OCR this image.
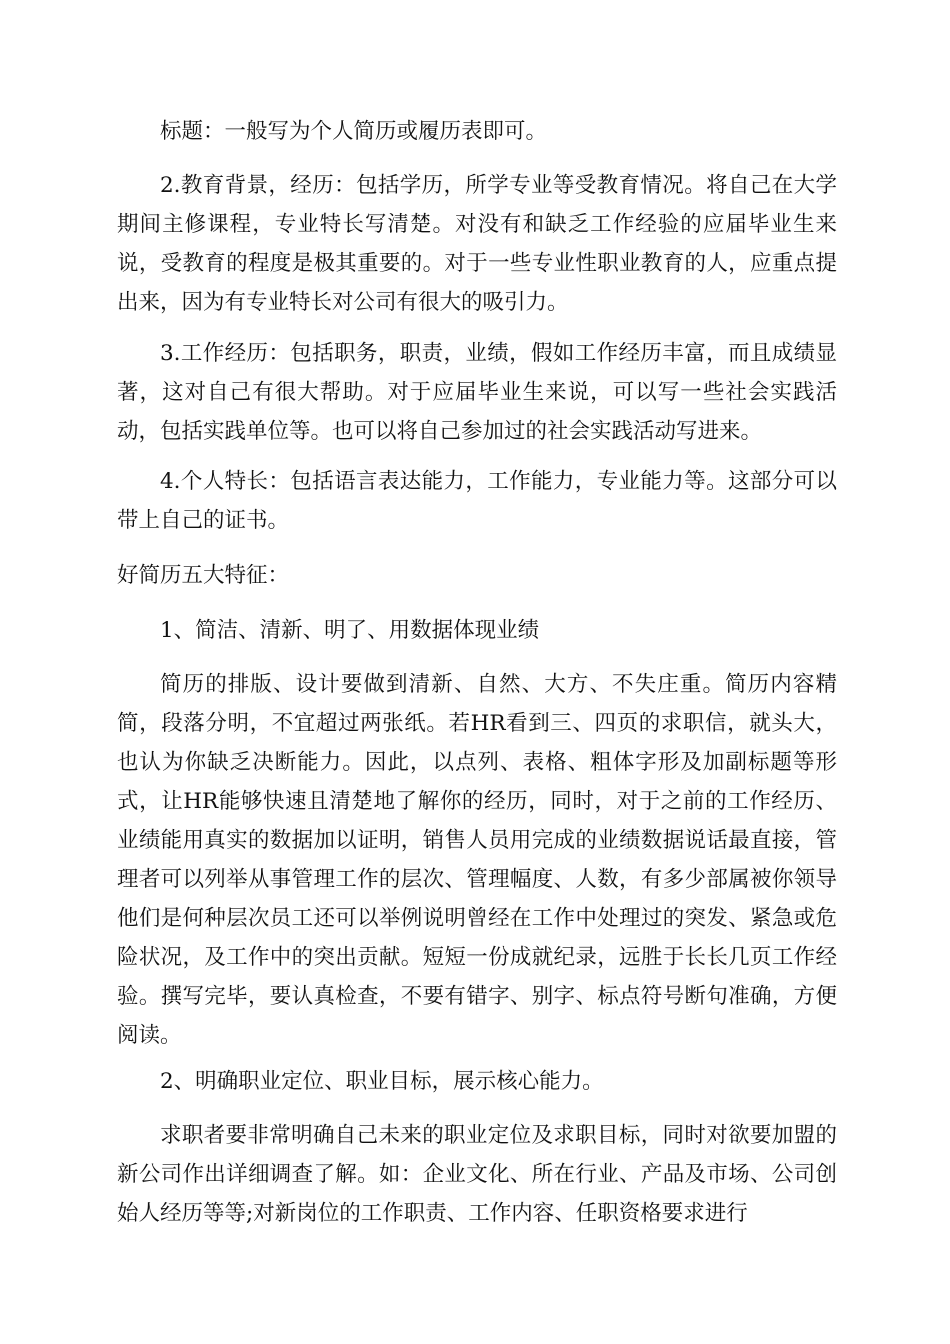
标题：一般写为个人简历或履历表即可。

2.教育背景，经历：包括学历，所学专业等受教育情况。将自己在大学期间主修课程，专业特长写清楚。对没有和缺乏工作经验的应届毕业生来说，受教育的程度是极其重要的。对于一些专业性职业教育的人，应重点提出来，因为有专业特长对公司有很大的吸引力。

3.工作经历：包括职务，职责，业绩，假如工作经历丰富，而且成绩显著，这对自己有很大帮助。对于应届毕业生来说，可以写一些社会实践活动，包括实践单位等。也可以将自己参加过的社会实践活动写进来。

4.个人特长：包括语言表达能力，工作能力，专业能力等。这部分可以带上自己的证书。

好简历五大特征：

1、简洁、清新、明了、用数据体现业绩

简历的排版、设计要做到清新、自然、大方、不失庄重。简历内容精简，段落分明，不宜超过两张纸。若HR看到三、四页的求职信，就头大，也认为你缺乏决断能力。因此，以点列、表格、粗体字形及加副标题等形式，让HR能够快速且清楚地了解你的经历，同时，对于之前的工作经历、业绩能用真实的数据加以证明，销售人员用完成的业绩数据说话最直接，管理者可以列举从事管理工作的层次、管理幅度、人数，有多少部属被你领导他们是何种层次员工还可以举例说明曾经在工作中处理过的突发、紧急或危险状况，及工作中的突出贡献。短短一份成就纪录，远胜于长长几页工作经验。撰写完毕，要认真检查，不要有错字、别字、标点符号断句准确，方便阅读。

2、明确职业定位、职业目标，展示核心能力。

求职者要非常明确自己未来的职业定位及求职目标，同时对欲要加盟的新公司作出详细调查了解。如：企业文化、所在行业、产品及市场、公司创始人经历等等;对新岗位的工作职责、工作内容、任职资格要求进行
